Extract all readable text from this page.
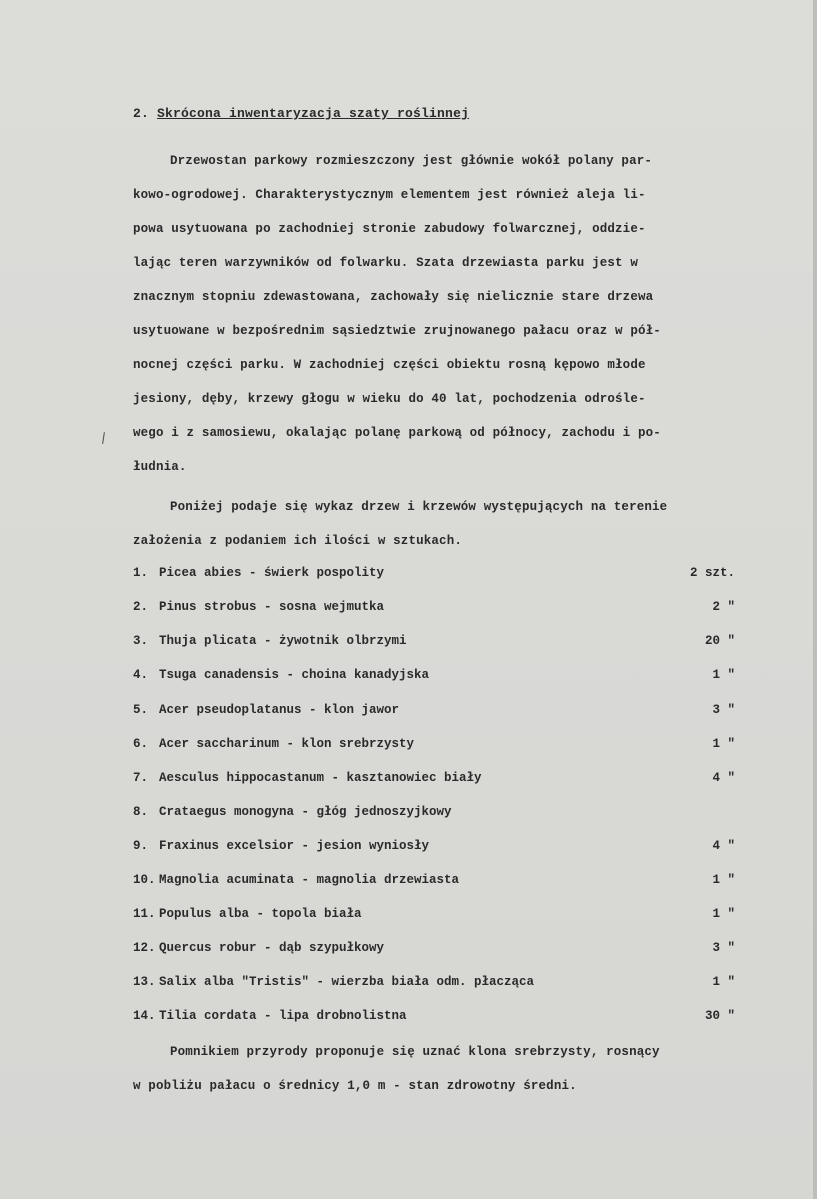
2. Skrócona inwentaryzacja szaty roślinnej
Drzewostan parkowy rozmieszczony jest głównie wokół polany par-
kowo-ogrodowej. Charakterystycznym elementem jest również aleja li-
powa usytuowana po zachodniej stronie zabudowy folwarcznej, oddzie-
lając teren warzywników od folwarku. Szata drzewiasta parku jest w
znacznym stopniu zdewastowana, zachowały się nielicznie stare drzewa
usytuowane w bezpośrednim sąsiedztwie zrujnowanego pałacu oraz w pół-
nocnej części parku. W zachodniej części obiektu rosną kępowo młode
jesiony, dęby, krzewy głogu w wieku do 40 lat, pochodzenia odrośle-
wego i z samosiewu, okalając polanę parkową od północy, zachodu i po-
łudnia.
/
Poniżej podaje się wykaz drzew i krzewów występujących na terenie
założenia z podaniem ich ilości w sztukach.
1. Picea abies - świerk pospolity	2 szt.
2. Pinus strobus - sosna wejmutka	2 "
3. Thuja plicata - żywotnik olbrzymi	20 "
4. Tsuga canadensis - choina kanadyjska	1 "
5. Acer pseudoplatanus - klon jawor	3 "
6. Acer saccharinum - klon srebrzysty	1 "
7. Aesculus hippocastanum - kasztanowiec biały	4 "
8. Crataegus monogyna - głóg jednoszyjkowy
9. Fraxinus excelsior - jesion wyniosły	4 "
10. Magnolia acuminata - magnolia drzewiasta	1 "
11. Populus alba - topola biała	1 "
12. Quercus robur - dąb szypułkowy	3 "
13. Salix alba "Tristis" - wierzba biała odm. płacząca	1 "
14. Tilia cordata - lipa drobnolistna	30 "
Pomnikiem przyrody proponuje się uznać klona srebrzysty, rosnący
w pobliżu pałacu o średnicy 1,0 m - stan zdrowotny średni.
